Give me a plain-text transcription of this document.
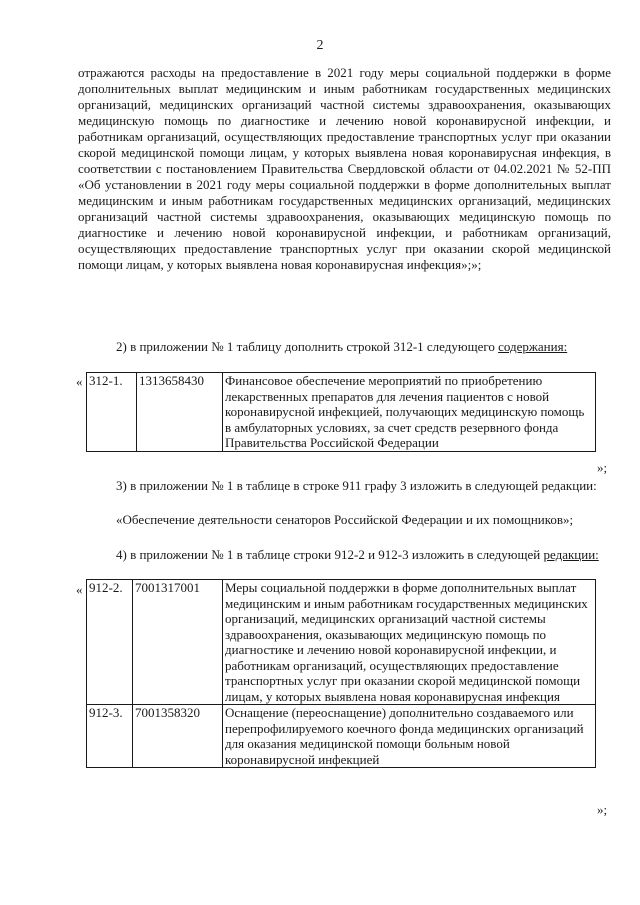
2

отражаются расходы на предоставление в 2021 году меры социальной поддержки в форме дополнительных выплат медицинским и иным работникам государственных медицинских организаций, медицинских организаций частной системы здравоохранения, оказывающих медицинскую помощь по диагностике и лечению новой коронавирусной инфекции, и работникам организаций, осуществляющих предоставление транспортных услуг при оказании скорой медицинской помощи лицам, у которых выявлена новая коронавирусная инфекция, в соответствии с постановлением Правительства Свердловской области от 04.02.2021 № 52-ПП «Об установлении в 2021 году меры социальной поддержки в форме дополнительных выплат медицинским и иным работникам государственных медицинских организаций, медицинских организаций частной системы здравоохранения, оказывающих медицинскую помощь по диагностике и лечению новой коронавирусной инфекции, и работникам организаций, осуществляющих предоставление транспортных услуг при оказании скорой медицинской помощи лицам, у которых выявлена новая коронавирусная инфекция»;»;

2) в приложении № 1 таблицу дополнить строкой 312-1 следующего содержания:

« 312-1.	1313658430	Финансовое обеспечение мероприятий по приобретению лекарственных препаратов для лечения пациентов с новой коронавирусной инфекцией, получающих медицинскую помощь в амбулаторных условиях, за счет средств резервного фонда Правительства Российской Федерации
»;

3) в приложении № 1 в таблице в строке 911 графу 3 изложить в следующей редакции:

«Обеспечение деятельности сенаторов Российской Федерации и их помощников»;

4) в приложении № 1 в таблице строки 912-2 и 912-3 изложить в следующей редакции:

« 912-2.	7001317001	Меры социальной поддержки в форме дополнительных выплат медицинским и иным работникам государственных медицинских организаций, медицинских организаций частной системы здравоохранения, оказывающих медицинскую помощь по диагностике и лечению новой коронавирусной инфекции, и работникам организаций, осуществляющих предоставление транспортных услуг при оказании скорой медицинской помощи лицам, у которых выявлена новая коронавирусная инфекция
912-3.	7001358320	Оснащение (переоснащение) дополнительно создаваемого или перепрофилируемого коечного фонда медицинских организаций для оказания медицинской помощи больным новой коронавирусной инфекцией
»;
